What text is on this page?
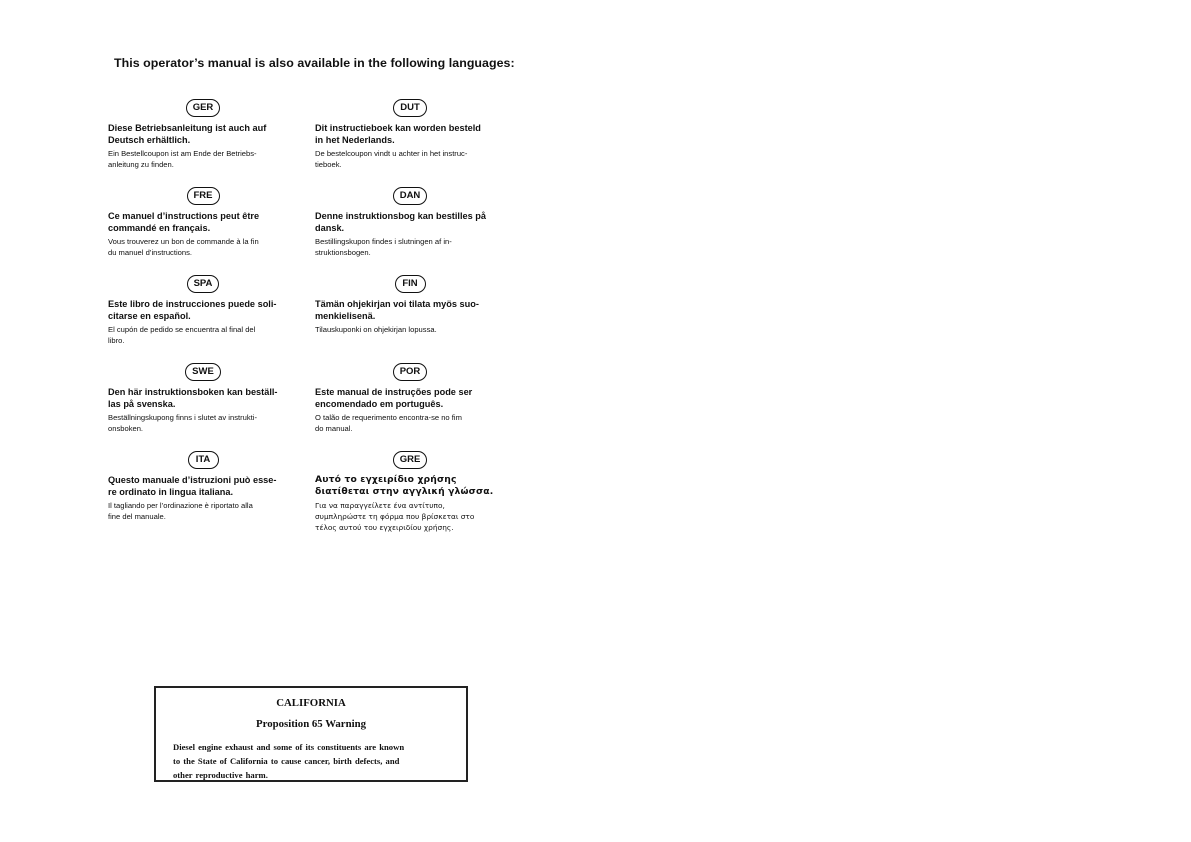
This operator’s manual is also available in the following languages:
GER

Diese Betriebsanleitung ist auch auf
Deutsch erhältlich.

Ein Bestellcoupon ist am Ende der Betriebs-
anleitung zu finden.

DUT

Dit instructieboek kan worden besteld
in het Nederlands.

De bestelcoupon vindt u achter in het instruc-
tieboek.

FRE

Ce manuel d’instructions peut être
commandé en français.

Vous trouverez un bon de commande à la fin
du manuel d’instructions.

DAN

Denne instruktionsbog kan bestilles på
dansk.

Bestillingskupon findes i slutningen af in-
struktionsbogen.

SPA

Este libro de instrucciones puede soli-
citarse en español.

El cupón de pedido se encuentra al final del
libro.

FIN

Tämän ohjekirjan voi tilata myös suo-
menkielisenä.

Tilauskuponki on ohjekirjan lopussa.

SWE

Den här instruktionsboken kan beställ-
las på svenska.

Beställningskupong finns i slutet av instrukti-
onsboken.

POR

Este manual de instruções pode ser
encomendado em português.

O talão de requerimento encontra-se no fim
do manual.

ITA

Questo manuale d’istruzioni può esse-
re ordinato in lingua italiana.

Il tagliando per l’ordinazione è riportato alla
fine del manuale.

GRE

Αυτό το εγχειρίδιο χρήσης
διατίθεται στην αγγλική γλώσσα.

Για να παραγγείλετε ένα αντίτυπο,
συμπληρώστε τη φόρμα που βρίσκεται στο
τέλος αυτού του εγχειριδίου χρήσης.

CALIFORNIA

Proposition 65 Warning

Diesel engine exhaust and some of its constituents are known
to the State of California to cause cancer, birth defects, and
other reproductive harm.
